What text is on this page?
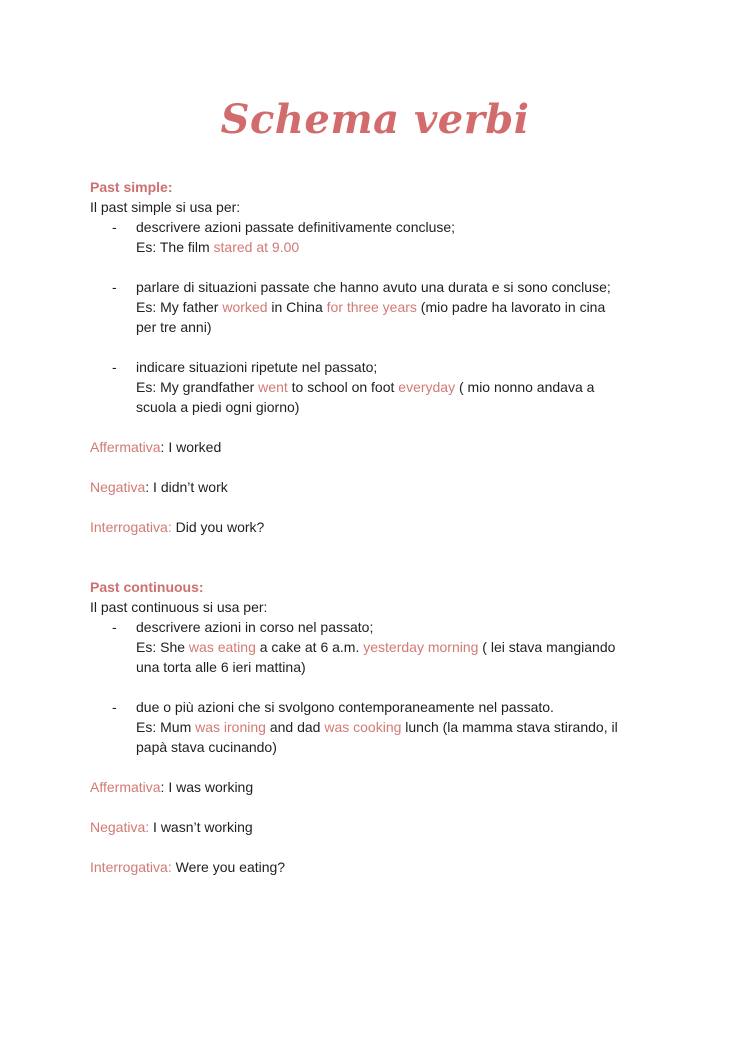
Schema verbi
Past simple:
Il past simple si usa per:
- descrivere azioni passate definitivamente concluse;
Es: The film stared at 9.00
- parlare di situazioni passate che hanno avuto una durata e si sono concluse;
Es: My father worked in China for three years (mio padre ha lavorato in cina
per tre anni)
- indicare situazioni ripetute nel passato;
Es: My grandfather went to school on foot everyday ( mio nonno andava a
scuola a piedi ogni giorno)
Affermativa: I worked
Negativa: I didn’t work
Interrogativa: Did you work?
Past continuous:
Il past continuous si usa per:
- descrivere azioni in corso nel passato;
Es: She was eating a cake at 6 a.m. yesterday morning ( lei stava mangiando
una torta alle 6 ieri mattina)
- due o più azioni che si svolgono contemporaneamente nel passato.
Es: Mum was ironing and dad was cooking lunch (la mamma stava stirando, il
papà stava cucinando)
Affermativa: I was working
Negativa: I wasn’t working
Interrogativa: Were you eating?
